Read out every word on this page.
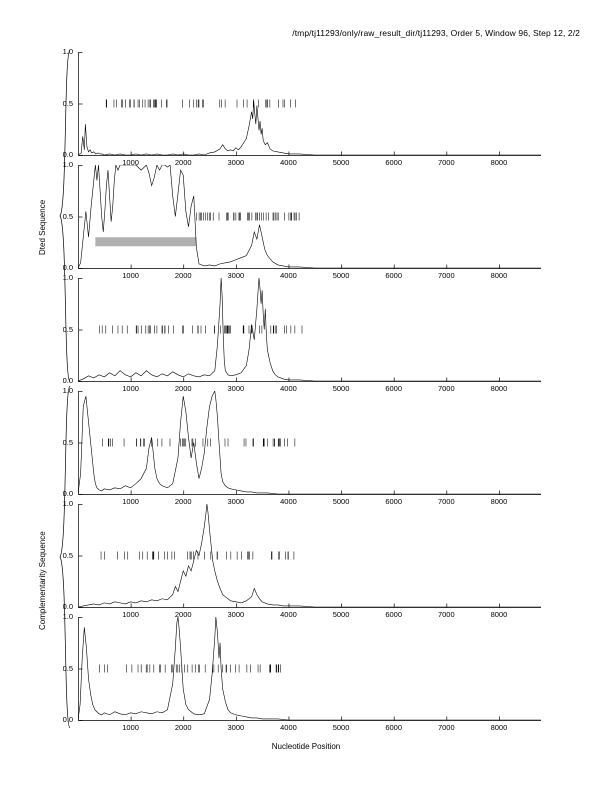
/tmp/tj11293/only/raw_result_dir/tj11293, Order 5, Window 96, Step 12, 2/2
Dted Sequence
Complementarity Sequence
Nucleotide Position
0.0
0.5
1.0
1000	2000	3000	4000	5000	6000	7000	8000
0.0
0.5
1.0
1000	2000	3000	4000	5000	6000	7000	8000
0.0
0.5
1.0
1000	2000	3000	4000	5000	6000	7000	8000
0.0
0.5
1.0
1000	2000	3000	4000	5000	6000	7000	8000
0.0
0.5
1.0
1000	2000	3000	4000	5000	6000	7000	8000
0.0
0.5
1.0
1000	2000	3000	4000	5000	6000	7000	8000
